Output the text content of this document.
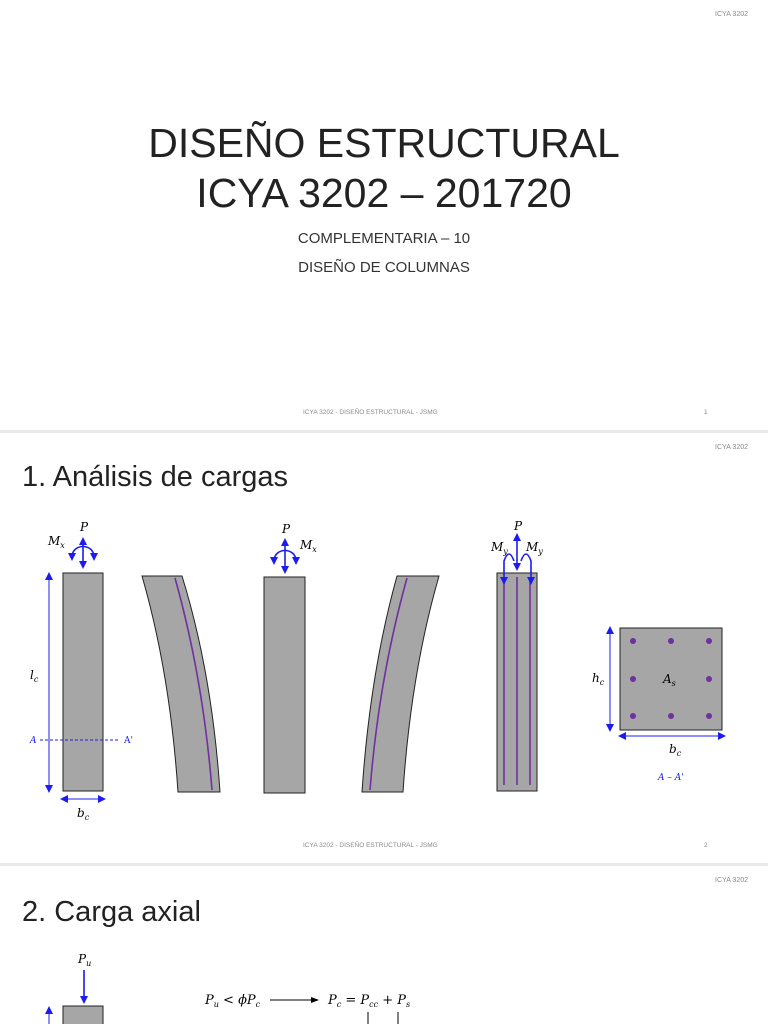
ICYA 3202
DISEÑO ESTRUCTURAL
ICYA 3202 – 201720
COMPLEMENTARIA – 10
DISEÑO DE COLUMNAS
ICYA 3202 - DISEÑO ESTRUCTURAL - JSMG	1
ICYA 3202
1. Análisis de cargas
P
$M_x$
$l_c$
A	A'
$b_c$
P
$M_x$
P
$M_y$ $M_y$
$A_s$
$h_c$
$b_c$
A – A'
ICYA 3202 - DISEÑO ESTRUCTURAL - JSMG	2
ICYA 3202
2. Carga axial
$P_u$
$P_u < \phi P_c$	$P_c = P_{cc} + P_s$
